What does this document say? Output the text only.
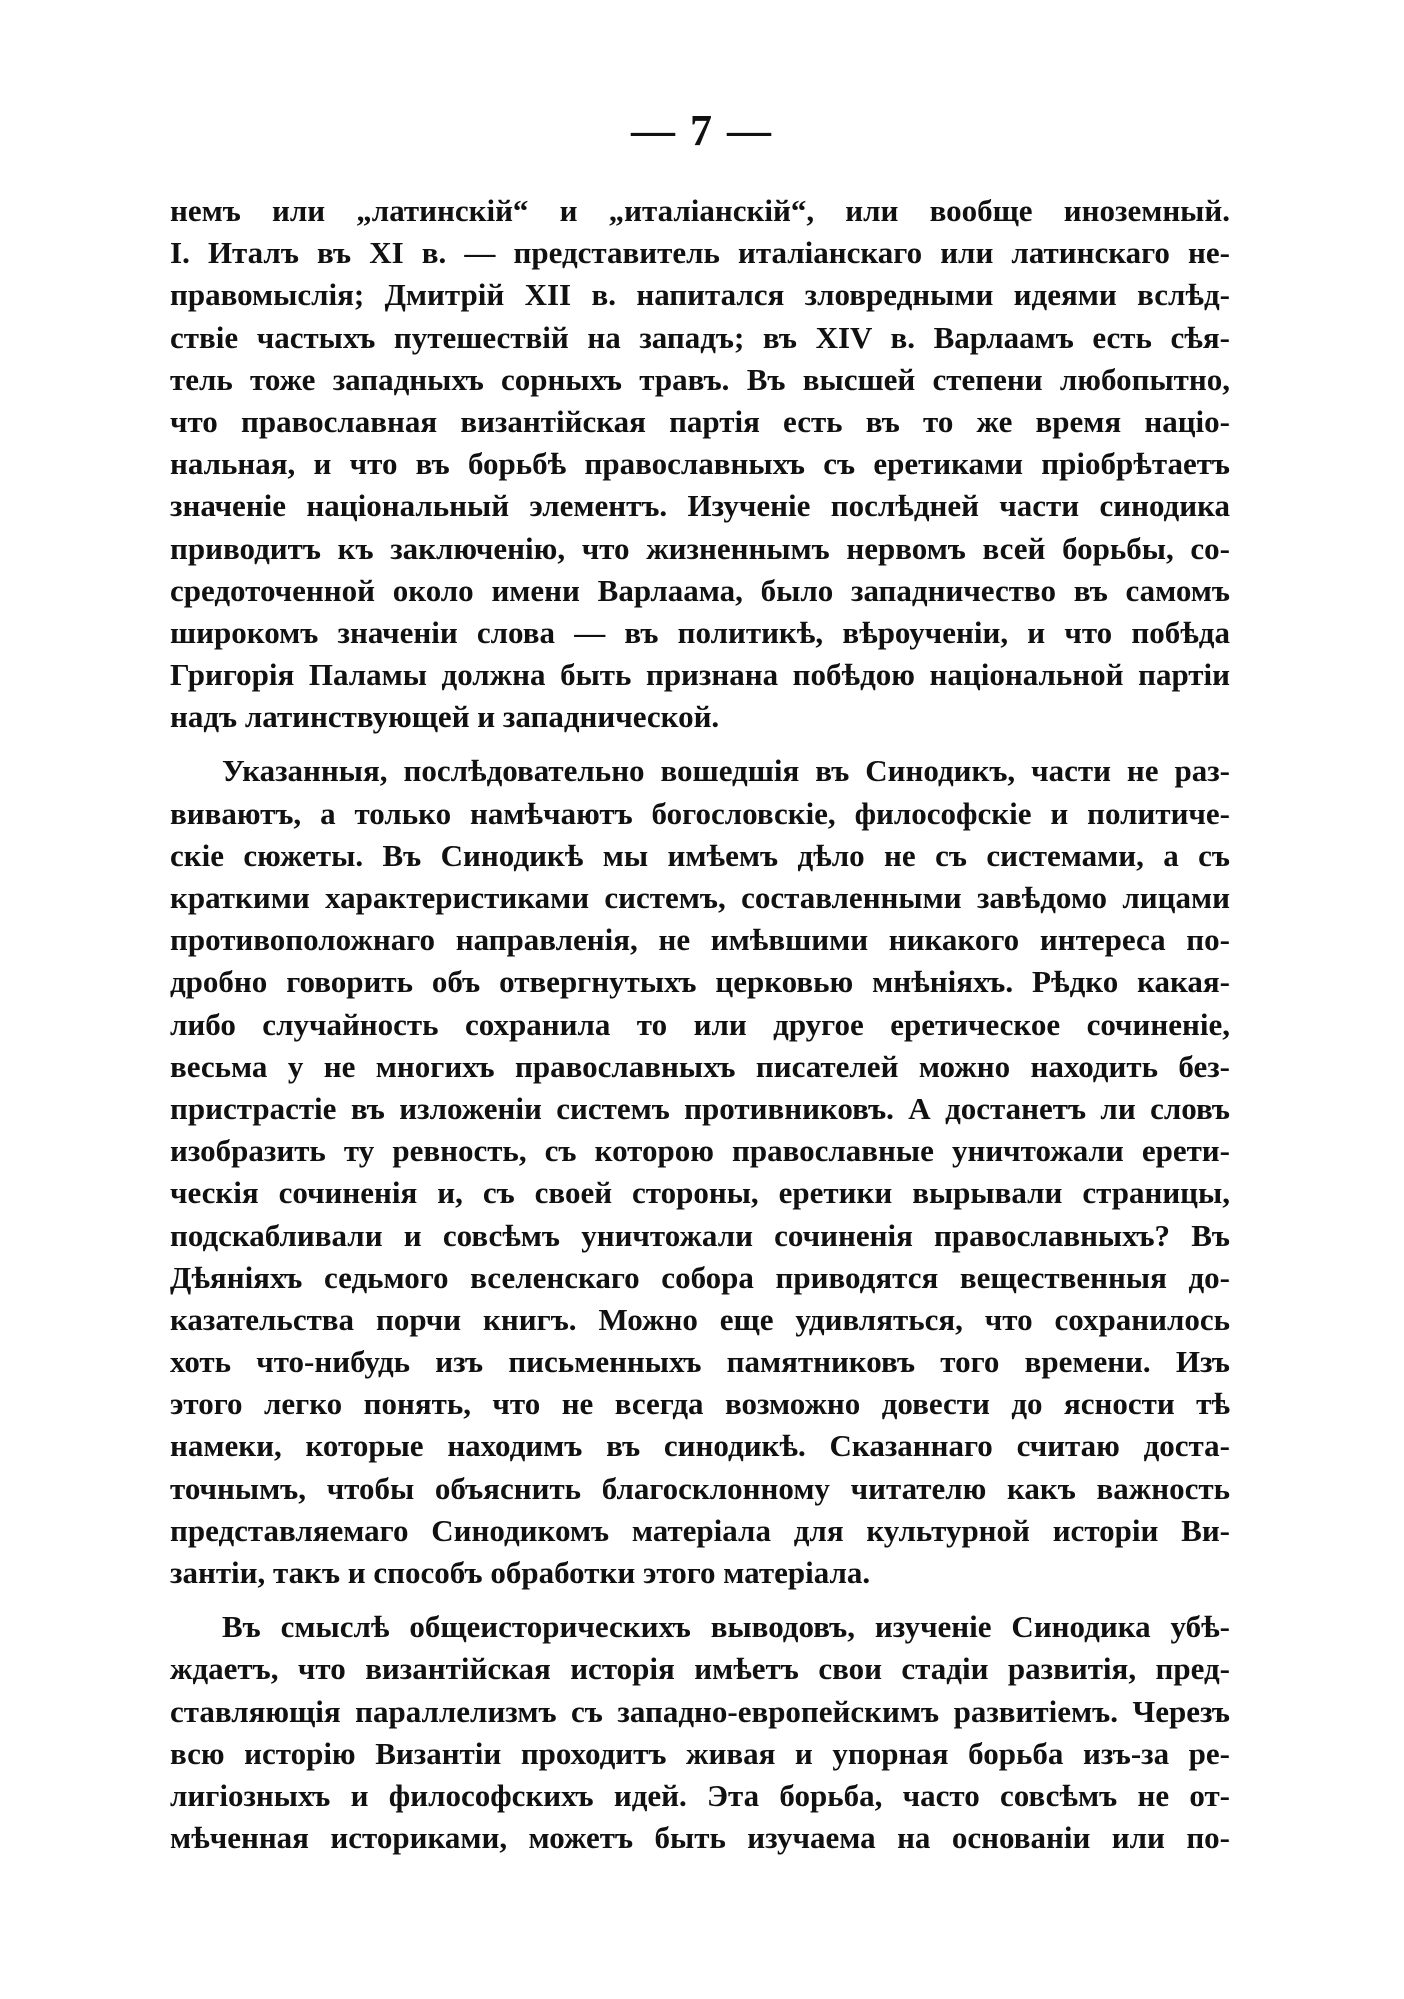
— 7 —
немъ или „латинскій“ и „италіанскій“, или вообще иноземный.
І. Италъ въ XI в. — представитель италіанскаго или латинскаго не-
правомыслія; Дмитрій XII в. напитался зловредными идеями вслѣд-
ствіе частыхъ путешествій на западъ; въ XIV в. Варлаамъ есть сѣя-
тель тоже западныхъ сорныхъ травъ. Въ высшей степени любопытно,
что православная византійская партія есть въ то же время націо-
нальная, и что въ борьбѣ православныхъ съ еретиками пріобрѣтаетъ
значеніе національный элементъ. Изученіе послѣдней части синодика
приводитъ къ заключенію, что жизненнымъ нервомъ всей борьбы, со-
средоточенной около имени Варлаама, было западничество въ самомъ
широкомъ значеніи слова — въ политикѣ, вѣроученіи, и что побѣда
Григорія Паламы должна быть признана побѣдою національной партіи
надъ латинствующей и западнической.
Указанныя, послѣдовательно вошедшія въ Синодикъ, части не раз-
виваютъ, а только намѣчаютъ богословскіе, философскіе и политиче-
скіе сюжеты. Въ Синодикѣ мы имѣемъ дѣло не съ системами, а съ
краткими характеристиками системъ, составленными завѣдомо лицами
противоположнаго направленія, не имѣвшими никакого интереса по-
дробно говорить объ отвергнутыхъ церковью мнѣніяхъ. Рѣдко какая-
либо случайность сохранила то или другое еретическое сочиненіе,
весьма у не многихъ православныхъ писателей можно находить без-
пристрастіе въ изложеніи системъ противниковъ. А достанетъ ли словъ
изобразить ту ревность, съ которою православные уничтожали ерети-
ческія сочиненія и, съ своей стороны, еретики вырывали страницы,
подскабливали и совсѣмъ уничтожали сочиненія православныхъ? Въ
Дѣяніяхъ седьмого вселенскаго собора приводятся вещественныя до-
казательства порчи книгъ. Можно еще удивляться, что сохранилось
хоть что-нибудь изъ письменныхъ памятниковъ того времени. Изъ
этого легко понять, что не всегда возможно довести до ясности тѣ
намеки, которые находимъ въ синодикѣ. Сказаннаго считаю доста-
точнымъ, чтобы объяснить благосклонному читателю какъ важность
представляемаго Синодикомъ матеріала для культурной исторіи Ви-
зантіи, такъ и способъ обработки этого матеріала.
Въ смыслѣ общеисторическихъ выводовъ, изученіе Синодика убѣ-
ждаетъ, что византійская исторія имѣетъ свои стадіи развитія, пред-
ставляющія параллелизмъ съ западно-европейскимъ развитіемъ. Черезъ
всю исторію Византіи проходитъ живая и упорная борьба изъ-за ре-
лигіозныхъ и философскихъ идей. Эта борьба, часто совсѣмъ не от-
мѣченная историками, можетъ быть изучаема на основаніи или по-
